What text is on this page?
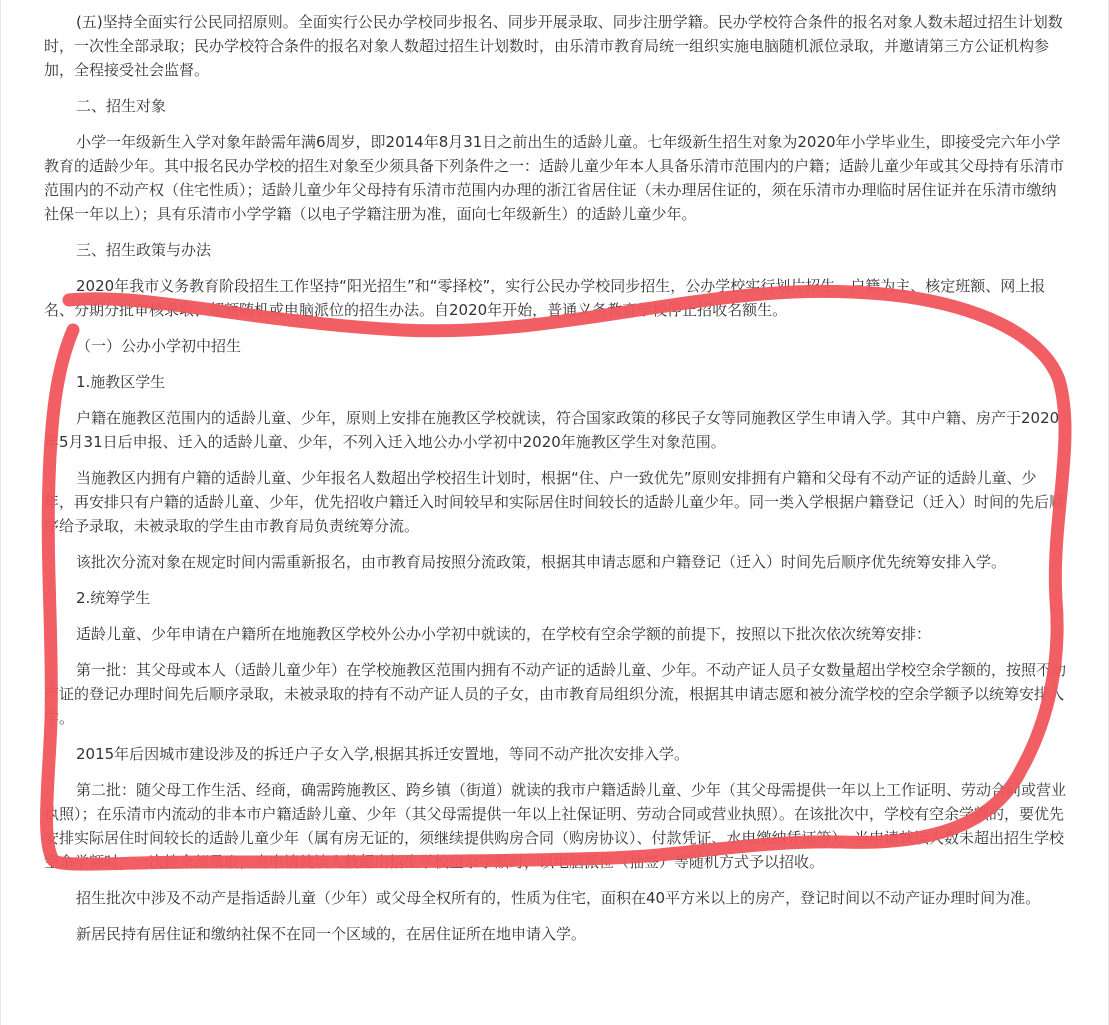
(五)坚持全面实行公民同招原则。全面实行公民办学校同步报名、同步开展录取、同步注册学籍。民办学校符合条件的报名对象人数未超过招生计划数时，一次性全部录取；民办学校符合条件的报名对象人数超过招生计划数时，由乐清市教育局统一组织实施电脑随机派位录取，并邀请第三方公证机构参加，全程接受社会监督。

二、招生对象

小学一年级新生入学对象年龄需年满6周岁，即2014年8月31日之前出生的适龄儿童。七年级新生招生对象为2020年小学毕业生，即接受完六年小学教育的适龄少年。其中报名民办学校的招生对象至少须具备下列条件之一：适龄儿童少年本人具备乐清市范围内的户籍；适龄儿童少年或其父母持有乐清市范围内的不动产权（住宅性质）；适龄儿童少年父母持有乐清市范围内办理的浙江省居住证（未办理居住证的，须在乐清市办理临时居住证并在乐清市缴纳社保一年以上）；具有乐清市小学学籍（以电子学籍注册为准，面向七年级新生）的适龄儿童少年。

三、招生政策与办法

2020年我市义务教育阶段招生工作坚持“阳光招生”和“零择校”，实行公民办学校同步招生，公办学校实行划片招生、户籍为主、核定班额、网上报名、分期分批审核录取、超额随机或电脑派位的招生办法。自2020年开始，普通义务教育学校停止招收名额生。

（一）公办小学初中招生

1.施教区学生

户籍在施教区范围内的适龄儿童、少年，原则上安排在施教区学校就读，符合国家政策的移民子女等同施教区学生申请入学。其中户籍、房产于2020年5月31日后申报、迁入的适龄儿童、少年，不列入迁入地公办小学初中2020年施教区学生对象范围。

当施教区内拥有户籍的适龄儿童、少年报名人数超出学校招生计划时，根据“住、户一致优先”原则安排拥有户籍和父母有不动产证的适龄儿童、少年，再安排只有户籍的适龄儿童、少年，优先招收户籍迁入时间较早和实际居住时间较长的适龄儿童少年。同一类入学根据户籍登记（迁入）时间的先后顺序给予录取，未被录取的学生由市教育局负责统筹分流。

该批次分流对象在规定时间内需重新报名，由市教育局按照分流政策，根据其申请志愿和户籍登记（迁入）时间先后顺序优先统筹安排入学。

2.统筹学生

适龄儿童、少年申请在户籍所在地施教区学校外公办小学初中就读的，在学校有空余学额的前提下，按照以下批次依次统筹安排：

第一批：其父母或本人（适龄儿童少年）在学校施教区范围内拥有不动产证的适龄儿童、少年。不动产证人员子女数量超出学校空余学额的，按照不动产证的登记办理时间先后顺序录取，未被录取的持有不动产证人员的子女，由市教育局组织分流，根据其申请志愿和被分流学校的空余学额予以统筹安排入学。

2015年后因城市建设涉及的拆迁户子女入学,根据其拆迁安置地，等同不动产批次安排入学。

第二批：随父母工作生活、经商，确需跨施教区、跨乡镇（街道）就读的我市户籍适龄儿童、少年（其父母需提供一年以上工作证明、劳动合同或营业执照）；在乐清市内流动的非本市户籍适龄儿童、少年（其父母需提供一年以上社保证明、劳动合同或营业执照）。在该批次中，学校有空余学额的，要优先安排实际居住时间较长的适龄儿童少年（属有房无证的，须继续提供购房合同（购房协议）、付款凭证、水电缴纳凭证等）。当申请就读人数未超出招生学校空余学额时，一次性全部录取；当申请就读人数超出招生学校空余学额时，以电脑派位（抽签）等随机方式予以招收。

招生批次中涉及不动产是指适龄儿童（少年）或父母全权所有的，性质为住宅，面积在40平方米以上的房产，登记时间以不动产证办理时间为准。

新居民持有居住证和缴纳社保不在同一个区域的，在居住证所在地申请入学。
